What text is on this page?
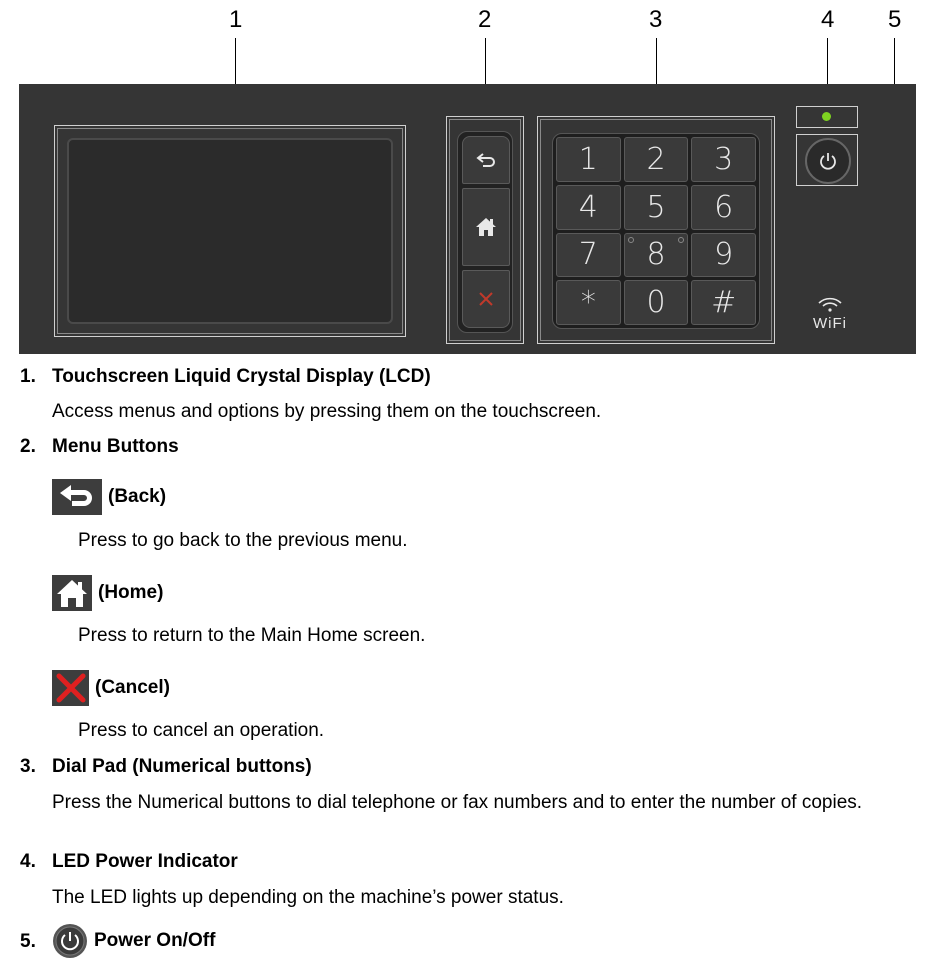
1	2	3	4 5
1	2	3
4	5	6
7	8	9
*	0	#
WiFi
1. Touchscreen Liquid Crystal Display (LCD)
Access menus and options by pressing them on the touchscreen.
2. Menu Buttons
(Back)
Press to go back to the previous menu.
(Home)
Press to return to the Main Home screen.
(Cancel)
Press to cancel an operation.
3. Dial Pad (Numerical buttons)
Press the Numerical buttons to dial telephone or fax numbers and to enter the number of copies.
4. LED Power Indicator
The LED lights up depending on the machine’s power status.
5.	Power On/Off
